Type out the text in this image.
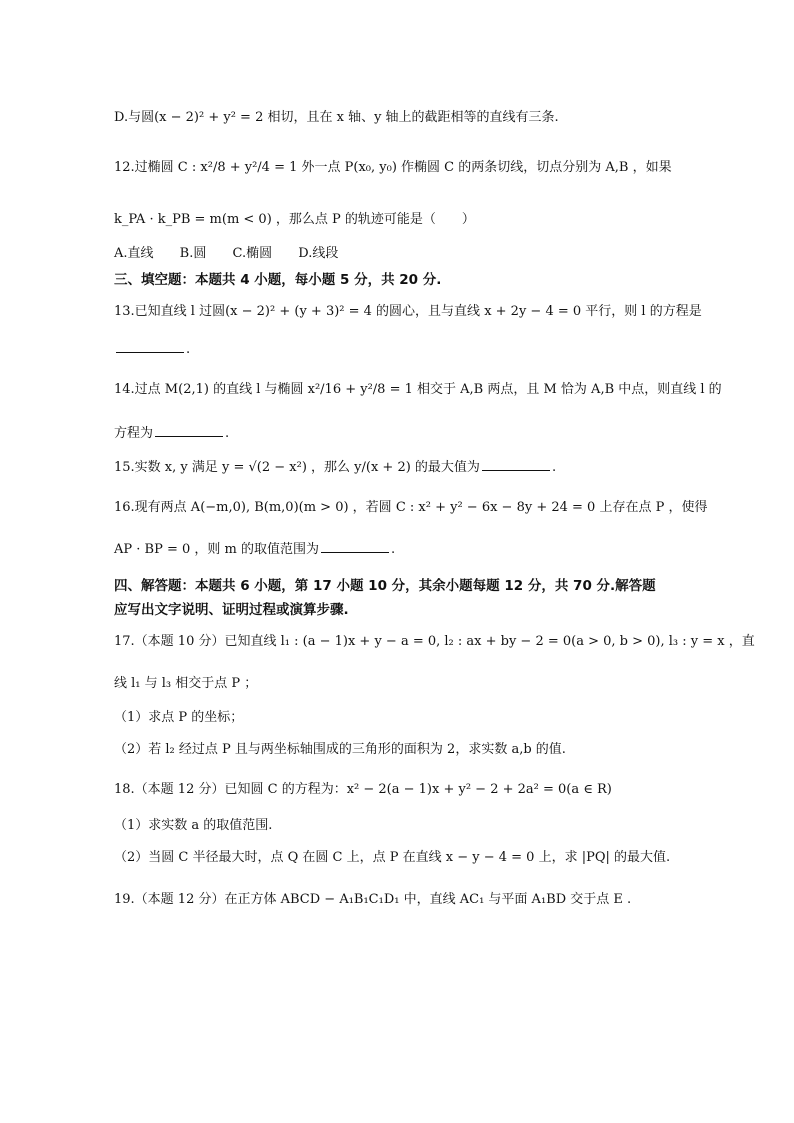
D.与圆(x − 2)² + y² = 2 相切，且在 x 轴、y 轴上的截距相等的直线有三条.
12.过椭圆 C : x²/8 + y²/4 = 1 外一点 P(x₀, y₀) 作椭圆 C 的两条切线，切点分别为 A,B ，如果
k_PA · k_PB = m(m < 0) ，那么点 P 的轨迹可能是（　　）
A.直线 B.圆 C.椭圆 D.线段
三、填空题：本题共 4 小题，每小题 5 分，共 20 分.
13.已知直线 l 过圆(x − 2)² + (y + 3)² = 4 的圆心，且与直线 x + 2y − 4 = 0 平行，则 l 的方程是
.
14.过点 M(2,1) 的直线 l 与椭圆 x²/16 + y²/8 = 1 相交于 A,B 两点，且 M 恰为 A,B 中点，则直线 l 的
方程为	.
15.实数 x, y 满足 y = √(2 − x²) ，那么 y/(x + 2) 的最大值为	.
16.现有两点 A(−m,0), B(m,0)(m > 0) ，若圆 C : x² + y² − 6x − 8y + 24 = 0 上存在点 P ，使得
AP · BP = 0 ，则 m 的取值范围为	.
四、解答题：本题共 6 小题，第 17 小题 10 分，其余小题每题 12 分，共 70 分.解答题
应写出文字说明、证明过程或演算步骤.
17.（本题 10 分）已知直线 l₁ : (a − 1)x + y − a = 0, l₂ : ax + by − 2 = 0(a > 0, b > 0), l₃ : y = x ，直
线 l₁ 与 l₃ 相交于点 P ；
（1）求点 P 的坐标；
（2）若 l₂ 经过点 P 且与两坐标轴围成的三角形的面积为 2，求实数 a,b 的值.
18.（本题 12 分）已知圆 C 的方程为：x² − 2(a − 1)x + y² − 2 + 2a² = 0(a ∈ R)
（1）求实数 a 的取值范围.
（2）当圆 C 半径最大时，点 Q 在圆 C 上，点 P 在直线 x − y − 4 = 0 上，求 |PQ| 的最大值.
19.（本题 12 分）在正方体 ABCD − A₁B₁C₁D₁ 中，直线 AC₁ 与平面 A₁BD 交于点 E .
